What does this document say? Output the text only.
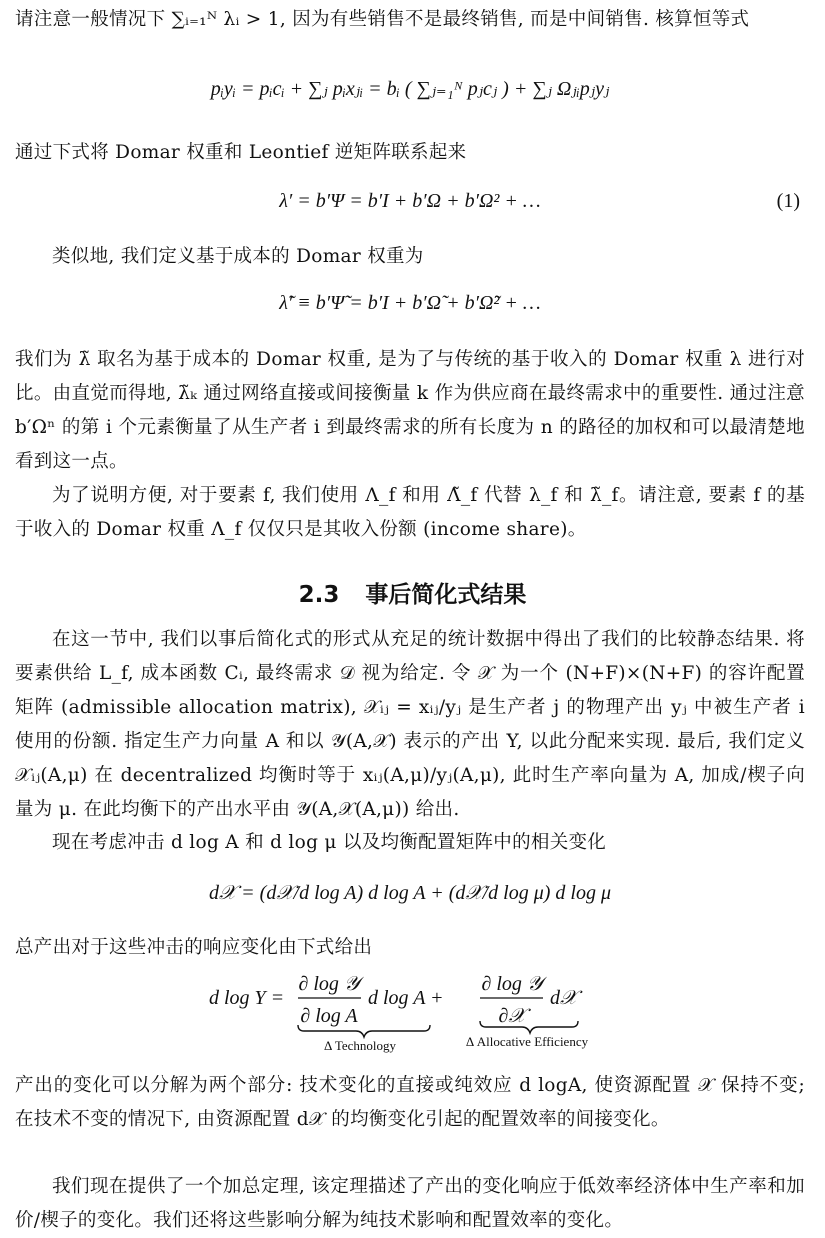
请注意一般情况下 ∑ᵢ₌₁ᴺ λᵢ > 1, 因为有些销售不是最终销售, 而是中间销售. 核算恒等式

pᵢyᵢ = pᵢcᵢ + ∑ⱼ pᵢxⱼᵢ = bᵢ ( ∑ⱼ₌₁ᴺ pⱼcⱼ ) + ∑ⱼ Ωⱼᵢpⱼyⱼ

通过下式将 Domar 权重和 Leontief 逆矩阵联系起来

λ′ = b′Ψ = b′I + b′Ω + b′Ω² + …	(1)

类似地, 我们定义基于成本的 Domar 权重为

λ̃′ ≡ b′Ψ̃ = b′I + b′Ω̃ + b′Ω̃² + …

我们为 λ̃ 取名为基于成本的 Domar 权重, 是为了与传统的基于收入的 Domar 权重 λ 进行对比。由直觉而得地, λ̃ₖ 通过网络直接或间接衡量 k 作为供应商在最终需求中的重要性. 通过注意 b′Ωⁿ 的第 i 个元素衡量了从生产者 i 到最终需求的所有长度为 n 的路径的加权和可以最清楚地看到这一点。

为了说明方便, 对于要素 f, 我们使用 Λ_f 和用 Λ̃_f 代替 λ_f 和 λ̃_f。请注意, 要素 f 的基于收入的 Domar 权重 Λ_f 仅仅只是其收入份额 (income share)。

2.3 事后简化式结果

在这一节中, 我们以事后简化式的形式从充足的统计数据中得出了我们的比较静态结果. 将要素供给 L_f, 成本函数 Cᵢ, 最终需求 𝒟 视为给定. 令 𝒳 为一个 (N+F)×(N+F) 的容许配置矩阵 (admissible allocation matrix), 𝒳ᵢⱼ = xᵢⱼ/yⱼ 是生产者 j 的物理产出 yⱼ 中被生产者 i 使用的份额. 指定生产力向量 A 和以 𝒴(A,𝒳) 表示的产出 Y, 以此分配来实现. 最后, 我们定义 𝒳ᵢⱼ(A,μ) 在 decentralized 均衡时等于 xᵢⱼ(A,μ)/yⱼ(A,μ), 此时生产率向量为 A, 加成/楔子向量为 μ. 在此均衡下的产出水平由 𝒴(A,𝒳(A,μ)) 给出.

现在考虑冲击 d log A 和 d log μ 以及均衡配置矩阵中的相关变化

d𝒳 = (d𝒳/d log A) d log A + (d𝒳/d log μ) d log μ

总产出对于这些冲击的响应变化由下式给出

d log Y =
∂ log 𝒴
∂ log A
d log A +
∂ log 𝒴
∂𝒳
d𝒳
Δ Technology	Δ Allocative Efficiency

产出的变化可以分解为两个部分: 技术变化的直接或纯效应 d logA, 使资源配置 𝒳 保持不变; 在技术不变的情况下, 由资源配置 d𝒳 的均衡变化引起的配置效率的间接变化。

我们现在提供了一个加总定理, 该定理描述了产出的变化响应于低效率经济体中生产率和加价/楔子的变化。我们还将这些影响分解为纯技术影响和配置效率的变化。
